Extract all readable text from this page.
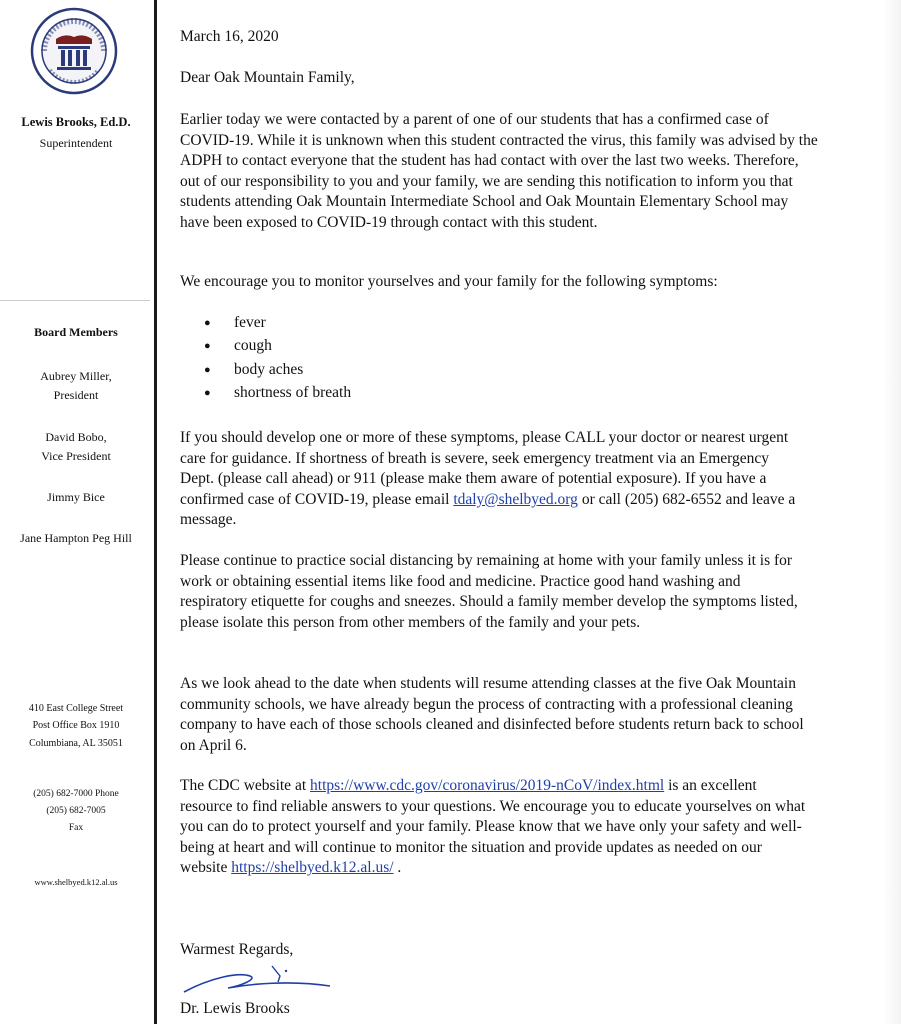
Lewis Brooks, Ed.D.
Superintendent
Board Members
Aubrey Miller,
President
David Bobo,
Vice President
Jimmy Bice
Jane Hampton Peg Hill
410 East College Street
Post Office Box 1910
Columbiana, AL 35051
(205) 682-7000 Phone
(205) 682-7005
Fax
www.shelbyed.k12.al.us

March 16, 2020

Dear Oak Mountain Family,

Earlier today we were contacted by a parent of one of our students that has a confirmed case of COVID-19. While it is unknown when this student contracted the virus, this family was advised by the ADPH to contact everyone that the student has had contact with over the last two weeks. Therefore, out of our responsibility to you and your family, we are sending this notification to inform you that students attending Oak Mountain Intermediate School and Oak Mountain Elementary School may have been exposed to COVID-19 through contact with this student.

We encourage you to monitor yourselves and your family for the following symptoms:

● fever
● cough
● body aches
● shortness of breath

If you should develop one or more of these symptoms, please CALL your doctor or nearest urgent care for guidance. If shortness of breath is severe, seek emergency treatment via an Emergency Dept. (please call ahead) or 911 (please make them aware of potential exposure). If you have a confirmed case of COVID-19, please email tdaly@shelbyed.org or call (205) 682-6552 and leave a message.

Please continue to practice social distancing by remaining at home with your family unless it is for work or obtaining essential items like food and medicine. Practice good hand washing and respiratory etiquette for coughs and sneezes. Should a family member develop the symptoms listed, please isolate this person from other members of the family and your pets.

As we look ahead to the date when students will resume attending classes at the five Oak Mountain community schools, we have already begun the process of contracting with a professional cleaning company to have each of those schools cleaned and disinfected before students return back to school on April 6.

The CDC website at https://www.cdc.gov/coronavirus/2019-nCoV/index.html is an excellent resource to find reliable answers to your questions. We encourage you to educate yourselves on what you can do to protect yourself and your family. Please know that we have only your safety and well-being at heart and will continue to monitor the situation and provide updates as needed on our website https://shelbyed.k12.al.us/ .

Warmest Regards,

Dr. Lewis Brooks
